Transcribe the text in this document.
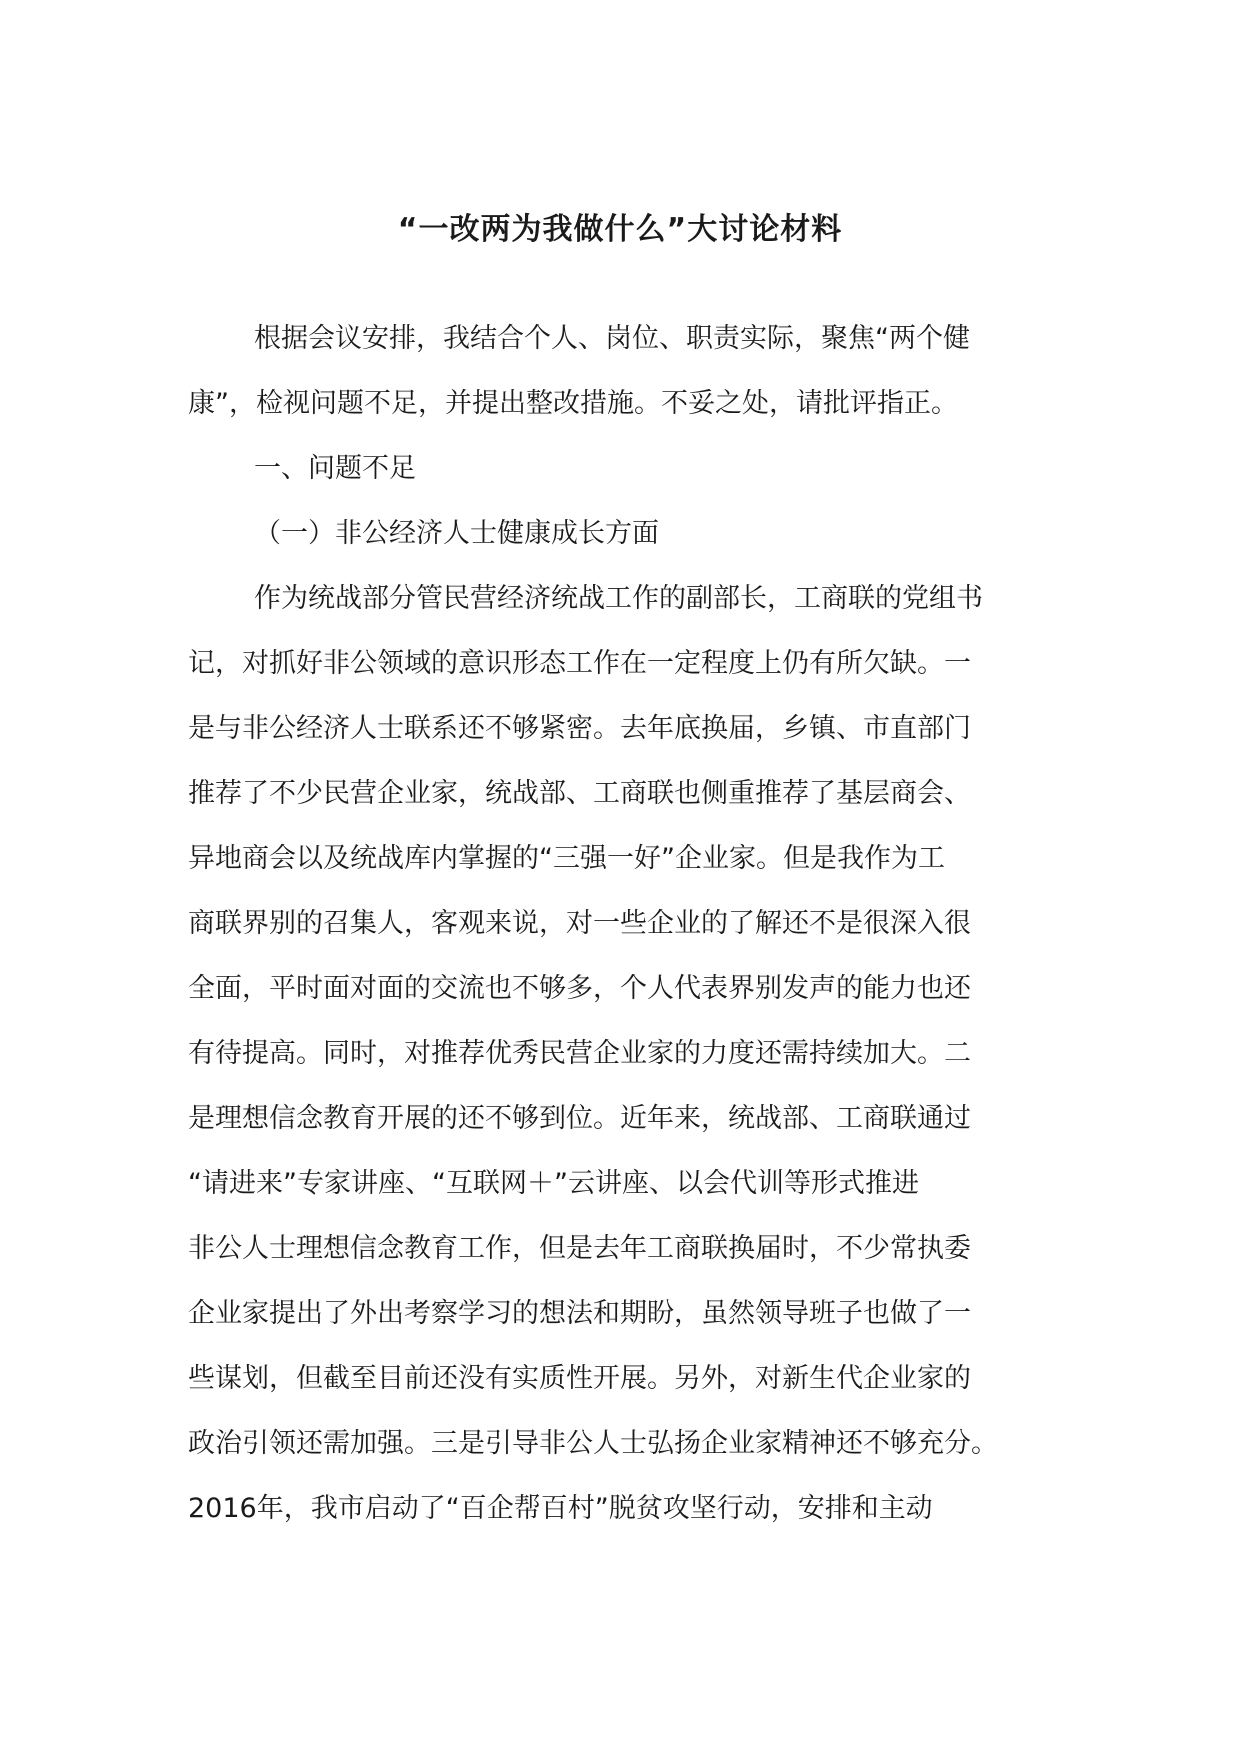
“一改两为我做什么”大讨论材料
根据会议安排，我结合个人、岗位、职责实际，聚焦“两个健
康”，检视问题不足，并提出整改措施。不妥之处，请批评指正。
一、问题不足
（一）非公经济人士健康成长方面
作为统战部分管民营经济统战工作的副部长，工商联的党组书
记，对抓好非公领域的意识形态工作在一定程度上仍有所欠缺。一
是与非公经济人士联系还不够紧密。去年底换届，乡镇、市直部门
推荐了不少民营企业家，统战部、工商联也侧重推荐了基层商会、
异地商会以及统战库内掌握的“三强一好”企业家。但是我作为工
商联界别的召集人，客观来说，对一些企业的了解还不是很深入很
全面，平时面对面的交流也不够多，个人代表界别发声的能力也还
有待提高。同时，对推荐优秀民营企业家的力度还需持续加大。二
是理想信念教育开展的还不够到位。近年来，统战部、工商联通过
“请进来”专家讲座、“互联网＋”云讲座、以会代训等形式推进
非公人士理想信念教育工作，但是去年工商联换届时，不少常执委
企业家提出了外出考察学习的想法和期盼，虽然领导班子也做了一
些谋划，但截至目前还没有实质性开展。另外，对新生代企业家的
政治引领还需加强。三是引导非公人士弘扬企业家精神还不够充分。
2016年，我市启动了“百企帮百村”脱贫攻坚行动，安排和主动
